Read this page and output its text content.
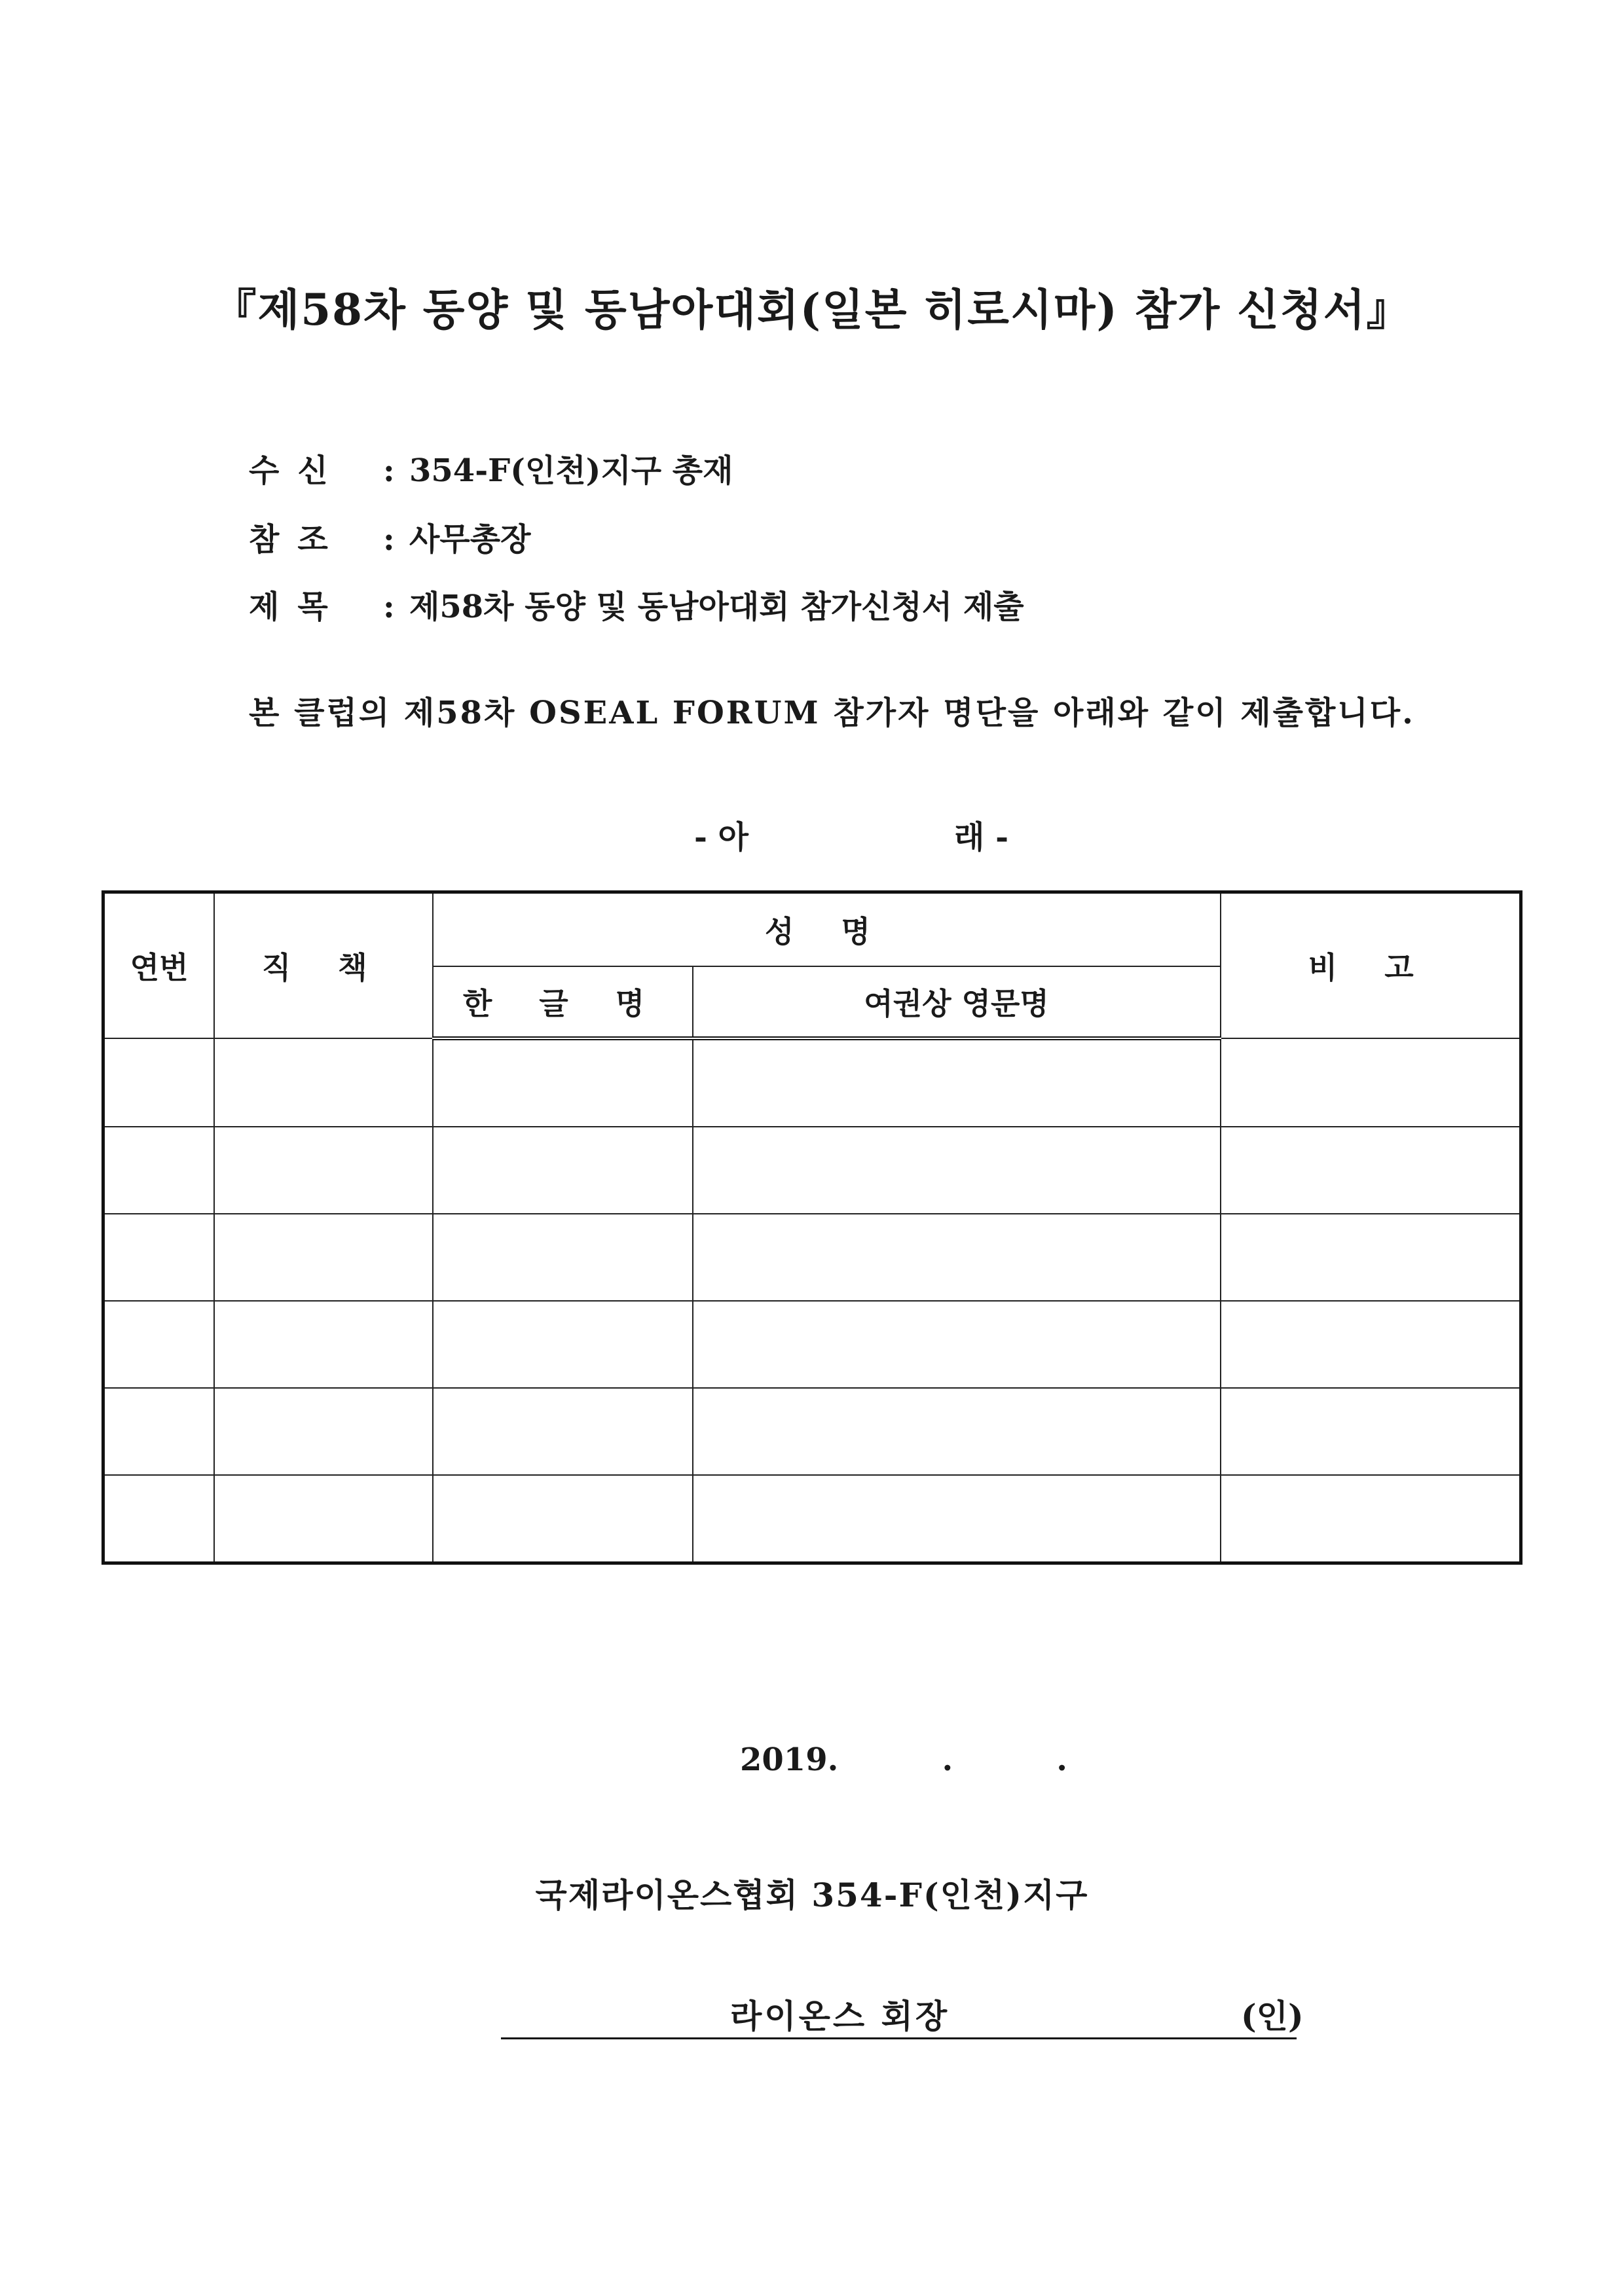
『제58차 동양 및 동남아대회(일본 히로시마) 참가 신청서』
수신 : 354-F(인천)지구 총재
참조 : 사무총장
제목 : 제58차 동양 및 동남아대회 참가신청서 제출
본 클럽의 제58차 OSEAL FORUM 참가자 명단을 아래와 같이 제출합니다.
- 아	래 -
연번	직 책	성 명		비 고
		한 글 명	여권상 영문명	

2019.	.	.
국제라이온스협회 354-F(인천)지구
라이온스 회장	(인)
